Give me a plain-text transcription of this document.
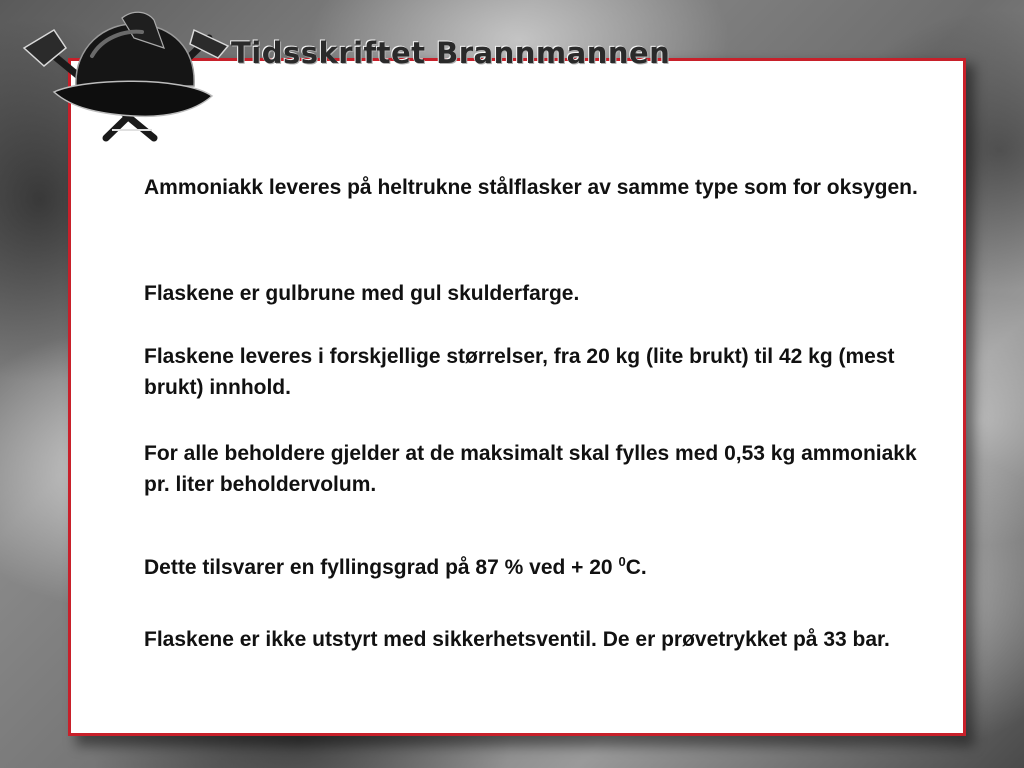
Tidsskriftet Brannmannen

Ammoniakk leveres på heltrukne stålflasker av samme type som for oksygen.

Flaskene er gulbrune med gul skulderfarge.

Flaskene leveres i forskjellige størrelser, fra 20 kg (lite brukt) til 42 kg (mest brukt) innhold.

For alle beholdere gjelder at de maksimalt skal fylles med 0,53 kg ammoniakk pr. liter beholdervolum.

Dette tilsvarer en fyllingsgrad på 87 % ved + 20 $^0$C.

Flaskene er ikke utstyrt med sikkerhetsventil. De er prøvetrykket på 33 bar.
